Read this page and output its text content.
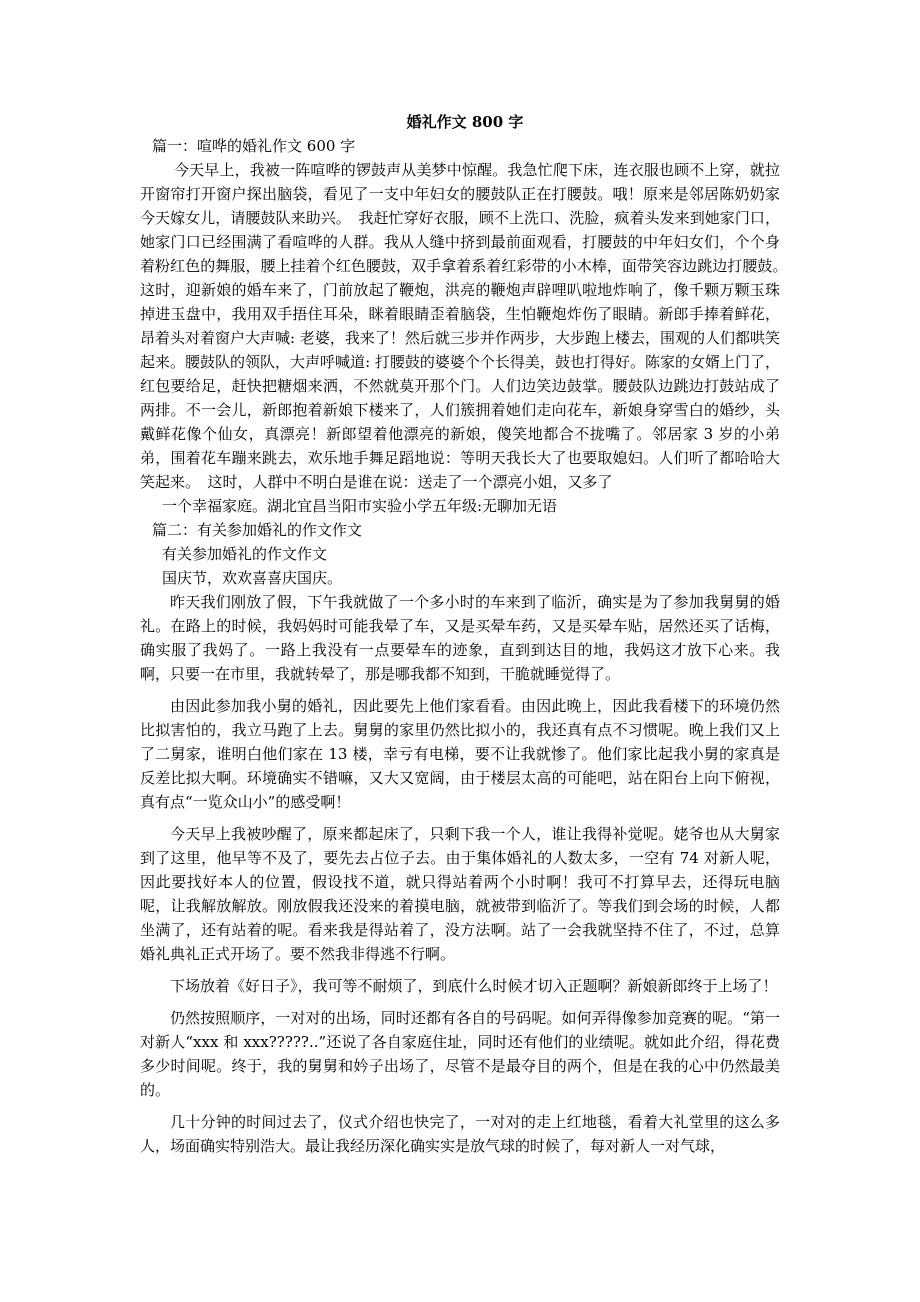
婚礼作文 800 字

篇一：喧哗的婚礼作文 600 字

今天早上，我被一阵喧哗的锣鼓声从美梦中惊醒。我急忙爬下床，连衣服也顾不上穿，就拉开窗帘打开窗户探出脑袋，看见了一支中年妇女的腰鼓队正在打腰鼓。哦！原来是邻居陈奶奶家今天嫁女儿，请腰鼓队来助兴。　我赶忙穿好衣服，顾不上洗口、洗脸，疯着头发来到她家门口，她家门口已经围满了看喧哗的人群。我从人缝中挤到最前面观看，打腰鼓的中年妇女们，个个身着粉红色的舞服，腰上挂着个红色腰鼓，双手拿着系着红彩带的小木棒，面带笑容边跳边打腰鼓。　这时，迎新娘的婚车来了，门前放起了鞭炮，洪亮的鞭炮声辟哩叭啦地炸响了，像千颗万颗玉珠掉进玉盘中，我用双手捂住耳朵，眯着眼睛歪着脑袋，生怕鞭炮炸伤了眼睛。新郎手捧着鲜花，昂着头对着窗户大声喊: 老婆，我来了！然后就三步并作两步，大步跑上楼去，围观的人们都哄笑起来。腰鼓队的领队，大声呼喊道: 打腰鼓的婆婆个个长得美，鼓也打得好。陈家的女婿上门了，红包要给足，赶快把糖烟来洒，不然就莫开那个门。人们边笑边鼓掌。腰鼓队边跳边打鼓站成了两排。不一会儿，新郎抱着新娘下楼来了，人们簇拥着她们走向花车，新娘身穿雪白的婚纱，头戴鲜花像个仙女，真漂亮！新郎望着他漂亮的新娘，傻笑地都合不拢嘴了。邻居家 3 岁的小弟弟，围着花车蹦来跳去，欢乐地手舞足蹈地说：等明天我长大了也要取媳妇。人们听了都哈哈大笑起来。　这时，人群中不明白是谁在说：送走了一个漂亮小姐，又多了

一个幸福家庭。湖北宜昌当阳市实验小学五年级:无聊加无语

篇二：有关参加婚礼的作文作文

有关参加婚礼的作文作文

国庆节，欢欢喜喜庆国庆。

昨天我们刚放了假，下午我就做了一个多小时的车来到了临沂，确实是为了参加我舅舅的婚礼。在路上的时候，我妈妈时可能我晕了车，又是买晕车药，又是买晕车贴，居然还买了话梅，确实服了我妈了。一路上我没有一点要晕车的迹象，直到到达目的地，我妈这才放下心来。我啊，只要一在市里，我就转晕了，那是哪我都不知到，干脆就睡觉得了。

由因此参加我小舅的婚礼，因此要先上他们家看看。由因此晚上，因此我看楼下的环境仍然比拟害怕的，我立马跑了上去。舅舅的家里仍然比拟小的，我还真有点不习惯呢。晚上我们又上了二舅家，谁明白他们家在 13 楼，幸亏有电梯，要不让我就惨了。他们家比起我小舅的家真是反差比拟大啊。环境确实不错嘛，又大又宽阔，由于楼层太高的可能吧，站在阳台上向下俯视，真有点“一览众山小”的感受啊！

今天早上我被吵醒了，原来都起床了，只剩下我一个人，谁让我得补觉呢。姥爷也从大舅家到了这里，他早等不及了，要先去占位子去。由于集体婚礼的人数太多，一空有 74 对新人呢，因此要找好本人的位置，假设找不道，就只得站着两个小时啊！我可不打算早去，还得玩电脑呢，让我解放解放。刚放假我还没来的着摸电脑，就被带到临沂了。等我们到会场的时候，人都坐满了，还有站着的呢。看来我是得站着了，没方法啊。站了一会我就坚持不住了，不过，总算婚礼典礼正式开场了。要不然我非得逃不行啊。

下场放着《好日子》，我可等不耐烦了，到底什么时候才切入正题啊？新娘新郎终于上场了！

仍然按照顺序，一对对的出场，同时还都有各自的号码呢。如何弄得像参加竞赛的呢。“第一对新人“xxx 和 xxx?????..”还说了各自家庭住址，同时还有他们的业绩呢。就如此介绍，得花费多少时间呢。终于，我的舅舅和妗子出场了，尽管不是最夺目的两个，但是在我的心中仍然最美的。

几十分钟的时间过去了，仪式介绍也快完了，一对对的走上红地毯，看着大礼堂里的这么多人，场面确实特别浩大。最让我经历深化确实实是放气球的时候了，每对新人一对气球，
